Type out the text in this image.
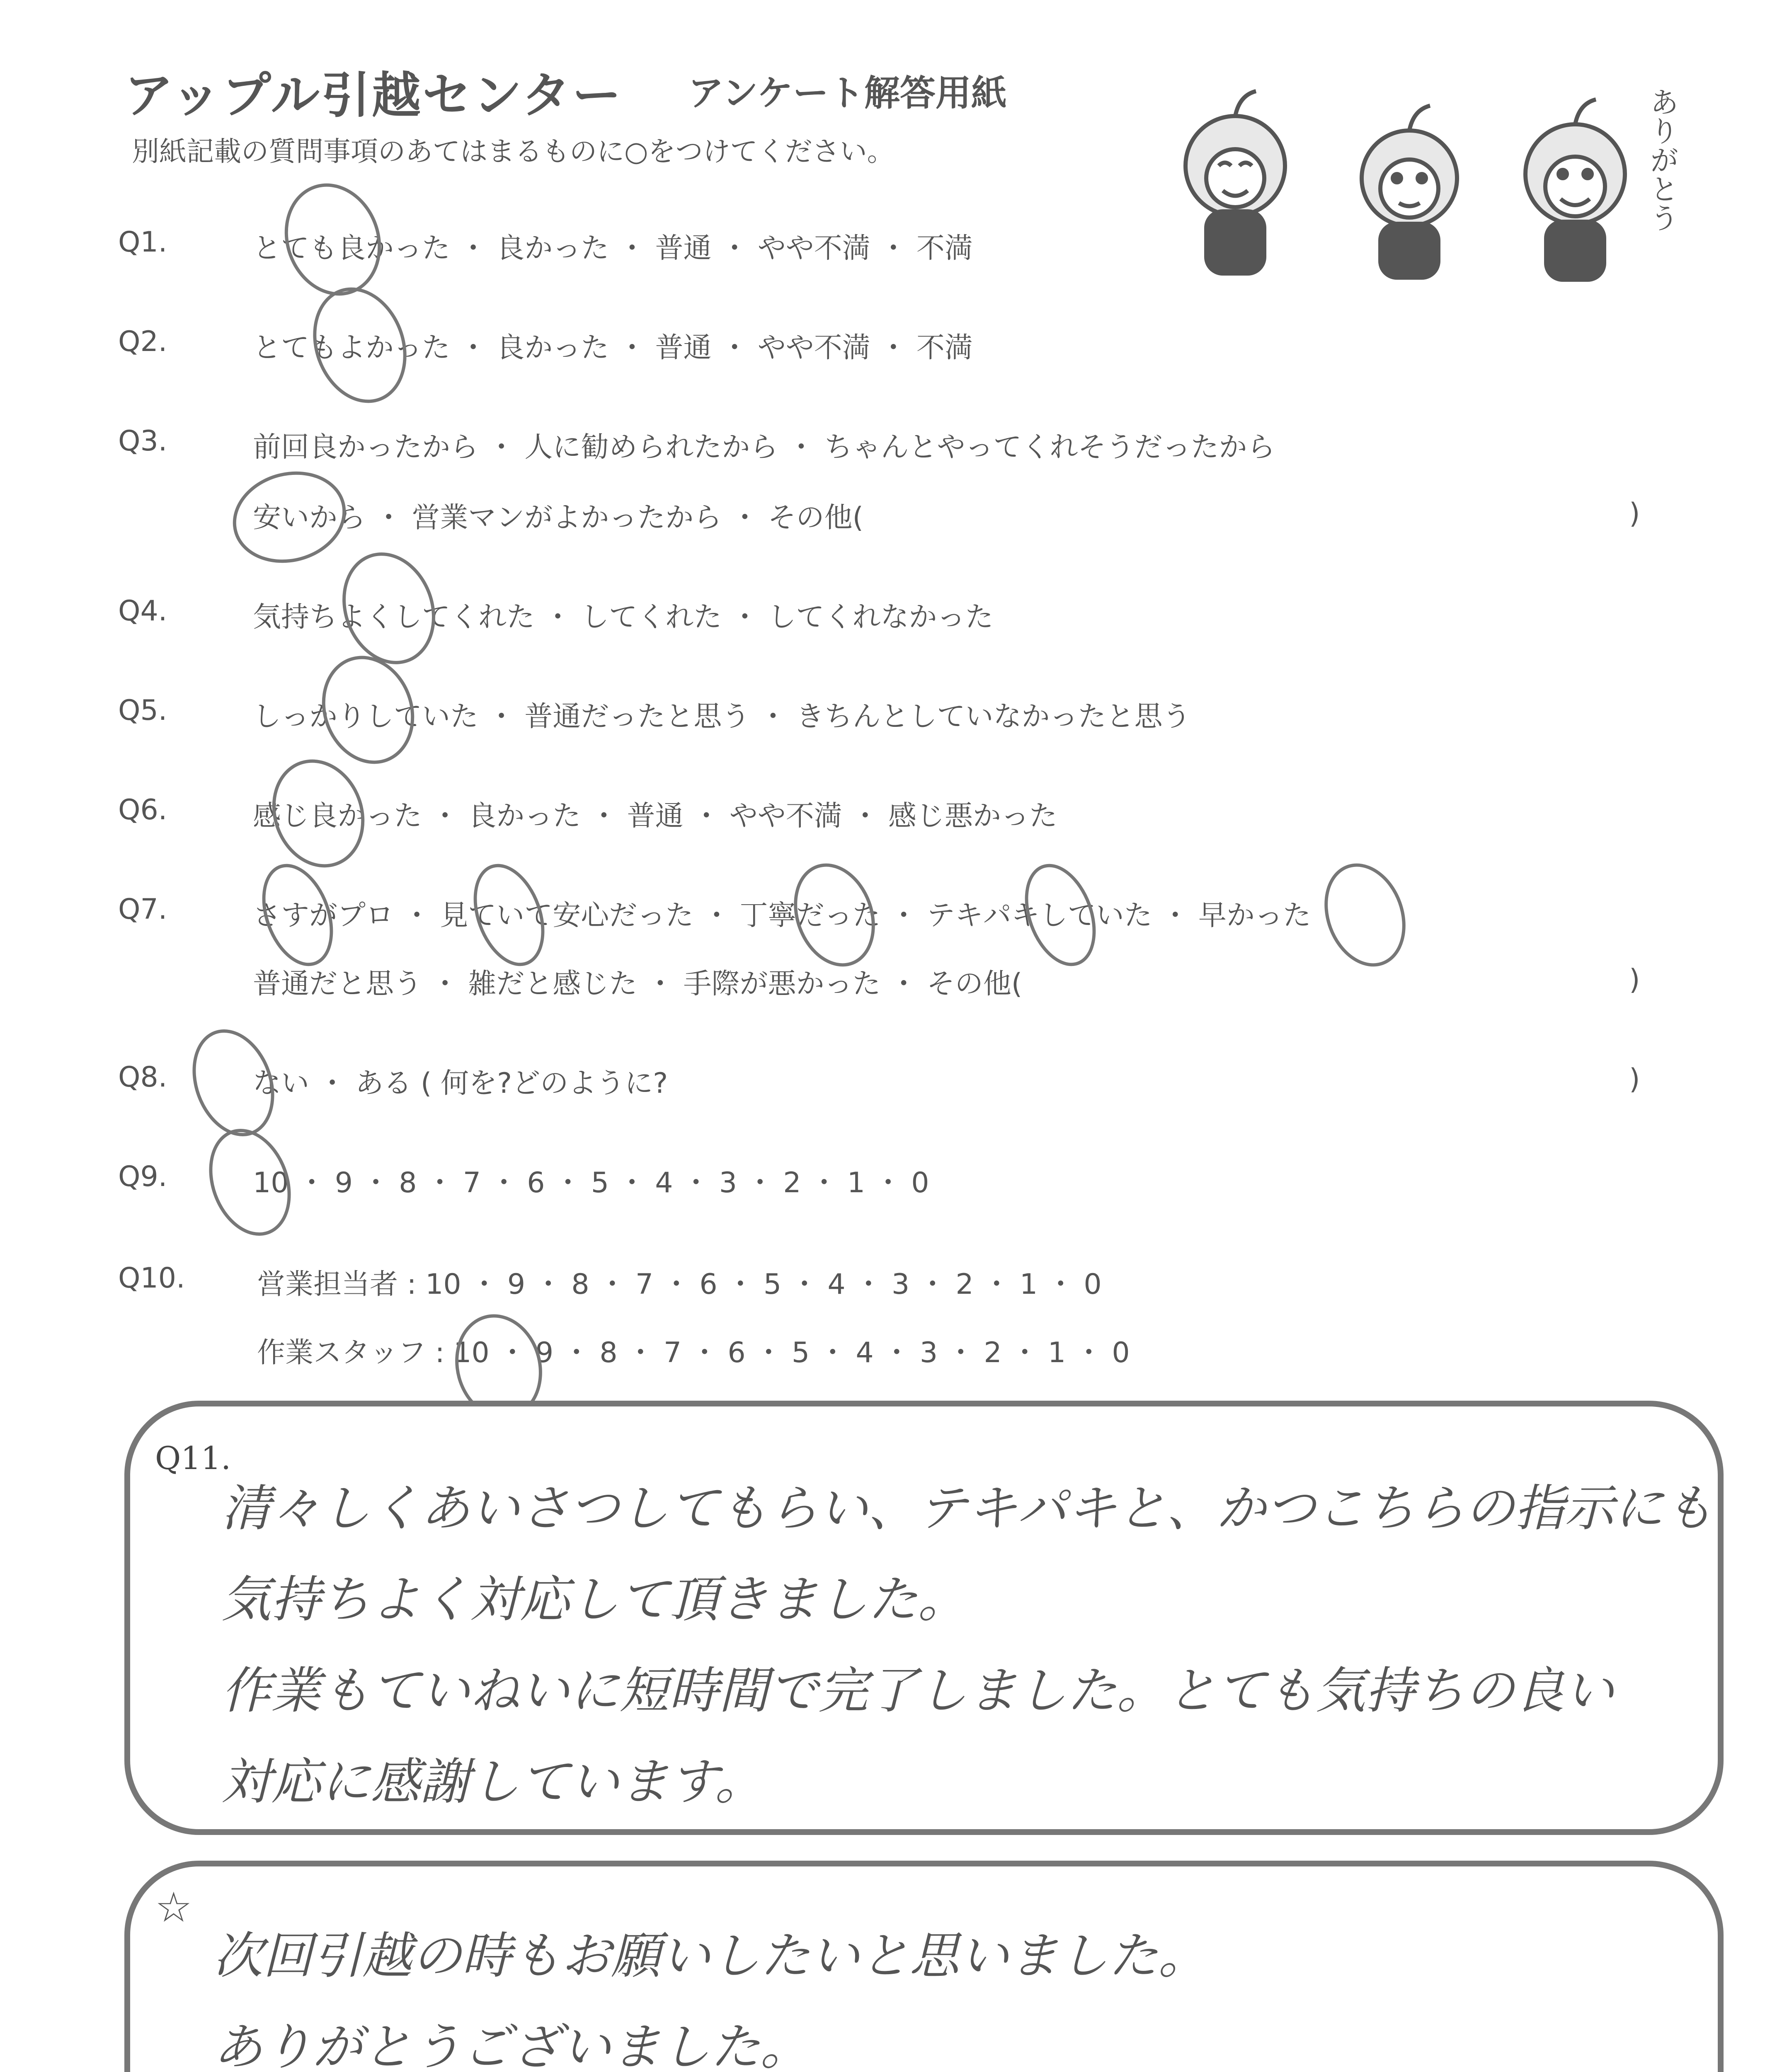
アップル引越センター アンケート解答用紙
別紙記載の質問事項のあてはまるものに○をつけてください。	ありがとう
Q1.	とても良かった ・ 良かった ・ 普通 ・ やや不満 ・ 不満
Q2.	とてもよかった ・ 良かった ・ 普通 ・ やや不満 ・ 不満
Q3.	前回良かったから ・ 人に勧められたから ・ ちゃんとやってくれそうだったから
安いから ・ 営業マンがよかったから ・ その他(	)
Q4.	気持ちよくしてくれた ・ してくれた ・ してくれなかった
Q5.	しっかりしていた ・ 普通だったと思う ・ きちんとしていなかったと思う
Q6.	感じ良かった ・ 良かった ・ 普通 ・ やや不満 ・ 感じ悪かった
Q7.	さすがプロ ・ 見ていて安心だった ・ 丁寧だった ・ テキパキしていた ・ 早かった
普通だと思う ・ 雑だと感じた ・ 手際が悪かった ・ その他(	)
Q8.	ない ・ ある ( 何を?どのように?	)
Q9.	10 ・ 9 ・ 8 ・ 7 ・ 6 ・ 5 ・ 4 ・ 3 ・ 2 ・ 1 ・ 0
Q10.	営業担当者 : 10 ・ 9 ・ 8 ・ 7 ・ 6 ・ 5 ・ 4 ・ 3 ・ 2 ・ 1 ・ 0
作業スタッフ : 10 ・ 9 ・ 8 ・ 7 ・ 6 ・ 5 ・ 4 ・ 3 ・ 2 ・ 1 ・ 0
Q11.
清々しくあいさつしてもらい、テキパキと、かつこちらの指示にも
気持ちよく対応して頂きました。
作業もていねいに短時間で完了しました。とても気持ちの良い
対応に感謝しています。
☆
次回引越の時もお願いしたいと思いました。
ありがとうございました。
